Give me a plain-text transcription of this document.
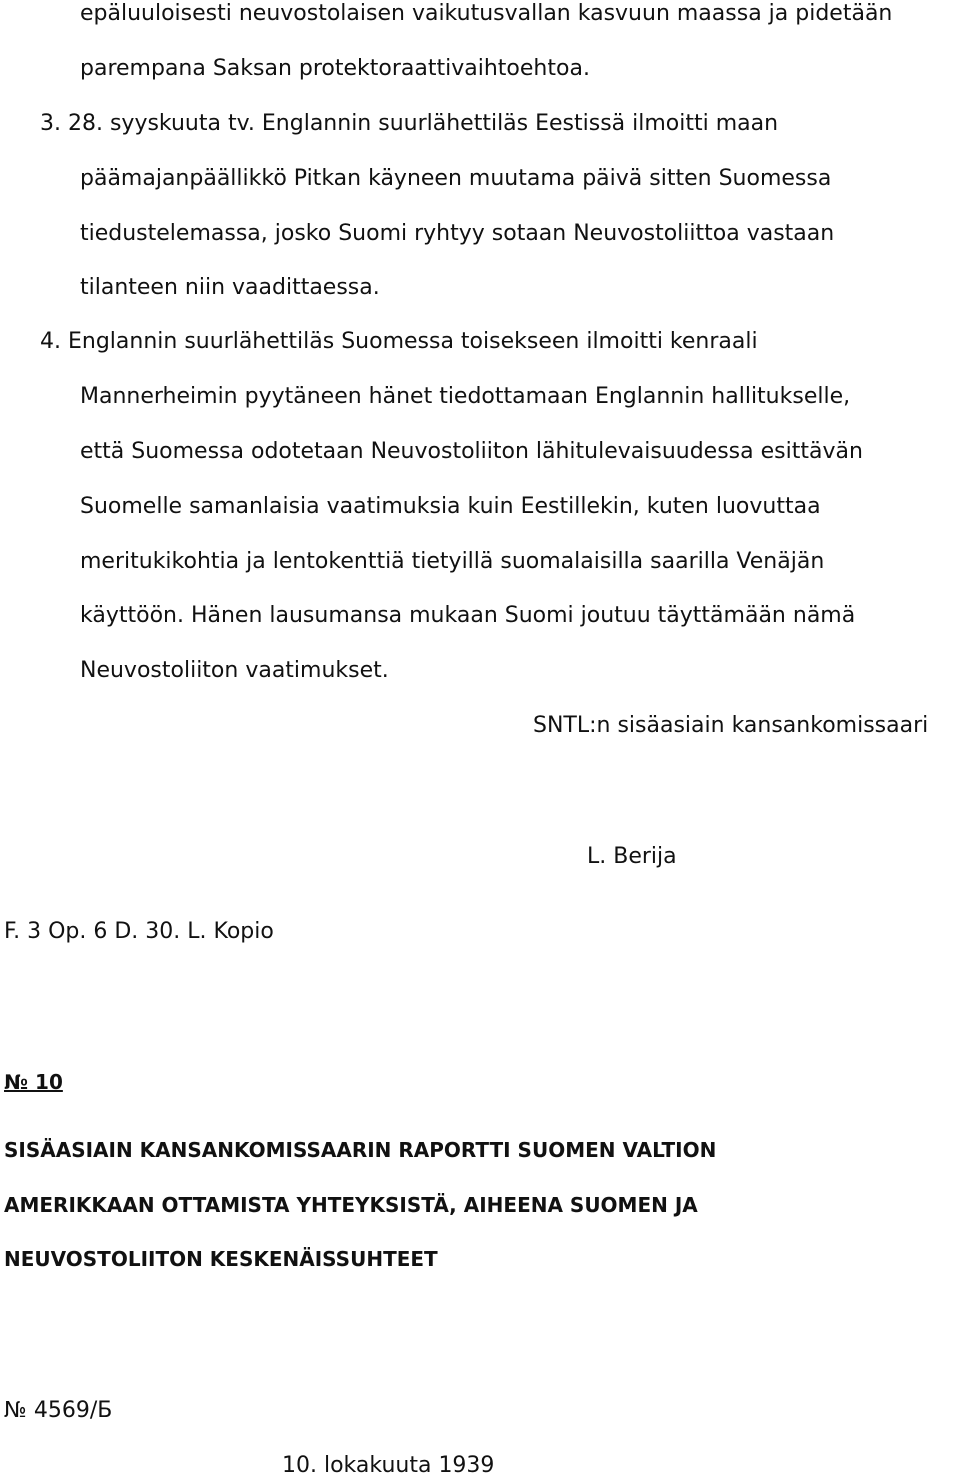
epäluuloisesti neuvostolaisen vaikutusvallan kasvuun maassa ja pidetään
parempana Saksan protektoraattivaihtoehtoa.
3. 28. syyskuuta tv. Englannin suurlähettiläs Eestissä ilmoitti maan
päämajanpäällikkö Pitkan käyneen muutama päivä sitten Suomessa
tiedustelemassa, josko Suomi ryhtyy sotaan Neuvostoliittoa vastaan
tilanteen niin vaadittaessa.
4. Englannin suurlähettiläs Suomessa toisekseen ilmoitti kenraali
Mannerheimin pyytäneen hänet tiedottamaan Englannin hallitukselle,
että Suomessa odotetaan Neuvostoliiton lähitulevaisuudessa esittävän
Suomelle samanlaisia vaatimuksia kuin Eestillekin, kuten luovuttaa
meritukikohtia ja lentokenttiä tietyillä suomalaisilla saarilla Venäjän
käyttöön. Hänen lausumansa mukaan Suomi joutuu täyttämään nämä
Neuvostoliiton vaatimukset.
SNTL:n sisäasiain kansankomissaari
L. Berija
F. 3 Op. 6 D. 30. L. Kopio
№ 10
SISÄASIAIN KANSANKOMISSAARIN RAPORTTI SUOMEN VALTION
AMERIKKAAN OTTAMISTA YHTEYKSISTÄ, AIHEENA SUOMEN JA
NEUVOSTOLIITON KESKENÄISSUHTEET
№ 4569/Б
10. lokakuuta 1939
